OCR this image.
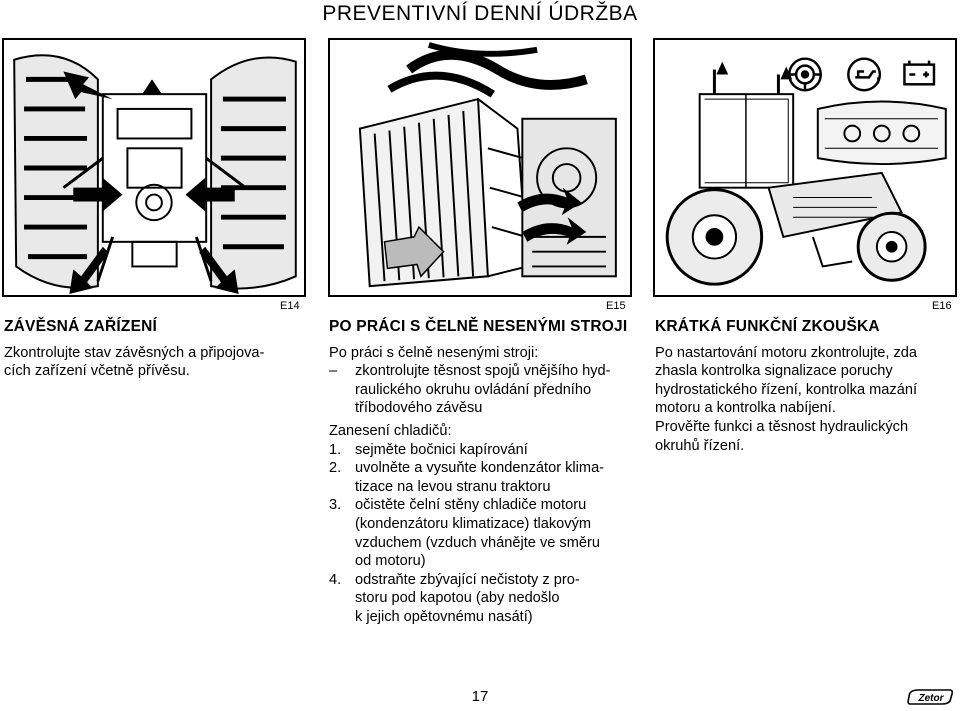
PREVENTIVNÍ DENNÍ ÚDRŽBA
E14	E15	E16
ZÁVĚSNÁ ZAŘÍZENÍ
Zkontrolujte stav závěsných a připojova-
cích zařízení včetně přívěsu.
PO PRÁCI S ČELNĚ NESENÝMI STROJI
Po práci s čelně nesenými stroji:
– zkontrolujte těsnost spojů vnějšího hyd-
raulického okruhu ovládání předního
tříbodového závěsu
Zanesení chladičů:
1. sejměte bočnici kapírování
2. uvolněte a vysuňte kondenzátor klima-
tizace na levou stranu traktoru
3. očistěte čelní stěny chladiče motoru
(kondenzátoru klimatizace) tlakovým
vzduchem (vzduch vhánějte ve směru
od motoru)
4. odstraňte zbývající nečistoty z pro-
storu pod kapotou (aby nedošlo
k jejich opětovnému nasátí)
KRÁTKÁ FUNKČNÍ ZKOUŠKA
Po nastartování motoru zkontrolujte, zda
zhasla kontrolka signalizace poruchy
hydrostatického řízení, kontrolka mazání
motoru a kontrolka nabíjení.
Prověřte funkci a těsnost hydraulických
okruhů řízení.
17	Zetor
